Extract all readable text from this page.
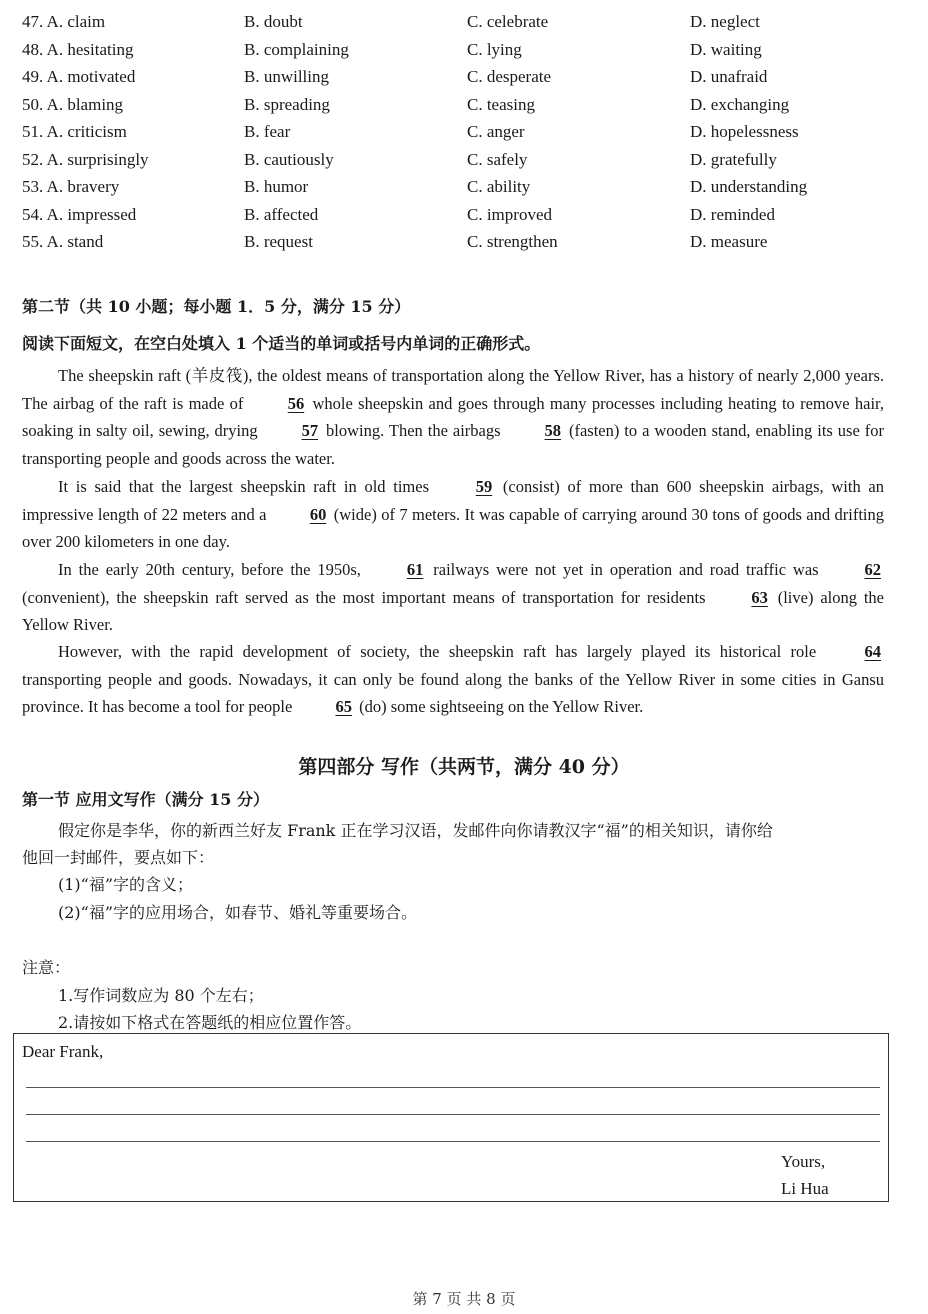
47. A. claim	B. doubt	C. celebrate	D. neglect
48. A. hesitating	B. complaining	C. lying	D. waiting
49. A. motivated	B. unwilling	C. desperate	D. unafraid
50. A. blaming	B. spreading	C. teasing	D. exchanging
51. A. criticism	B. fear	C. anger	D. hopelessness
52. A. surprisingly	B. cautiously	C. safely	D. gratefully
53. A. bravery	B. humor	C. ability	D. understanding
54. A. impressed	B. affected	C. improved	D. reminded
55. A. stand	B. request	C. strengthen	D. measure
第二节（共 10 小题；每小题 1．5 分，满分 15 分）
阅读下面短文，在空白处填入 1 个适当的单词或括号内单词的正确形式。
The sheepskin raft (羊皮筏), the oldest means of transportation along the Yellow River, has a history of nearly 2,000 years. The airbag of the raft is made of 56 whole sheepskin and goes through many processes including heating to remove hair, soaking in salty oil, sewing, drying 57 blowing. Then the airbags 58 (fasten) to a wooden stand, enabling its use for transporting people and goods across the water.
It is said that the largest sheepskin raft in old times 59 (consist) of more than 600 sheepskin airbags, with an impressive length of 22 meters and a 60 (wide) of 7 meters. It was capable of carrying around 30 tons of goods and drifting over 200 kilometers in one day.
In the early 20th century, before the 1950s, 61 railways were not yet in operation and road traffic was 62 (convenient), the sheepskin raft served as the most important means of transportation for residents 63 (live) along the Yellow River.
However, with the rapid development of society, the sheepskin raft has largely played its historical role 64 transporting people and goods. Nowadays, it can only be found along the banks of the Yellow River in some cities in Gansu province. It has become a tool for people 65 (do) some sightseeing on the Yellow River.
第四部分 写作（共两节，满分 40 分）
第一节 应用文写作（满分 15 分）
假定你是李华，你的新西兰好友 Frank 正在学习汉语，发邮件向你请教汉字“福”的相关知识，请你给
他回一封邮件，要点如下：
(1)“福”字的含义；
(2)“福”字的应用场合，如春节、婚礼等重要场合。
注意：
1.写作词数应为 80 个左右；
2.请按如下格式在答题纸的相应位置作答。
Dear Frank,
Yours,
Li Hua
第 7 页 共 8 页
